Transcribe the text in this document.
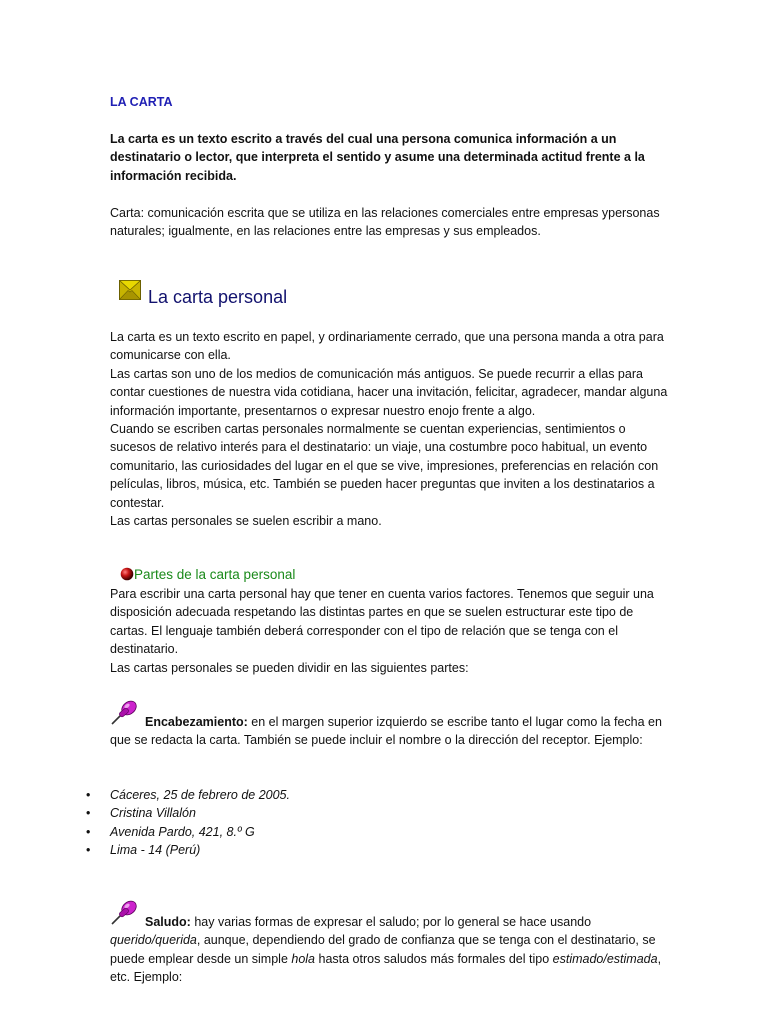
LA CARTA

La carta es un texto escrito a través del cual una persona comunica información a un destinatario o lector, que interpreta el sentido y asume una determinada actitud frente a la información recibida.

Carta: comunicación escrita que se utiliza en las relaciones comerciales entre empresas ypersonas naturales; igualmente, en las relaciones entre las empresas y sus empleados.

La carta personal

La carta es un texto escrito en papel, y ordinariamente cerrado, que una persona manda a otra para comunicarse con ella.

Las cartas son uno de los medios de comunicación más antiguos. Se puede recurrir a ellas para contar cuestiones de nuestra vida cotidiana, hacer una invitación, felicitar, agradecer, mandar alguna información importante, presentarnos o expresar nuestro enojo frente a algo.

Cuando se escriben cartas personales normalmente se cuentan experiencias, sentimientos o sucesos de relativo interés para el destinatario: un viaje, una costumbre poco habitual, un evento comunitario, las curiosidades del lugar en el que se vive, impresiones, preferencias en relación con películas, libros, música, etc. También se pueden hacer preguntas que inviten a los destinatarios a contestar.

Las cartas personales se suelen escribir a mano.

Partes de la carta personal

Para escribir una carta personal hay que tener en cuenta varios factores. Tenemos que seguir una disposición adecuada respetando las distintas partes en que se suelen estructurar este tipo de cartas. El lenguaje también deberá corresponder con el tipo de relación que se tenga con el destinatario.

Las cartas personales se pueden dividir en las siguientes partes:

Encabezamiento: en el margen superior izquierdo se escribe tanto el lugar como la fecha en que se redacta la carta. También se puede incluir el nombre o la dirección del receptor. Ejemplo:

• Cáceres, 25 de febrero de 2005.
• Cristina Villalón
• Avenida Pardo, 421, 8.º G
• Lima - 14 (Perú)

Saludo: hay varias formas de expresar el saludo; por lo general se hace usando querido/querida, aunque, dependiendo del grado de confianza que se tenga con el destinatario, se puede emplear desde un simple hola hasta otros saludos más formales del tipo estimado/estimada, etc. Ejemplo:
